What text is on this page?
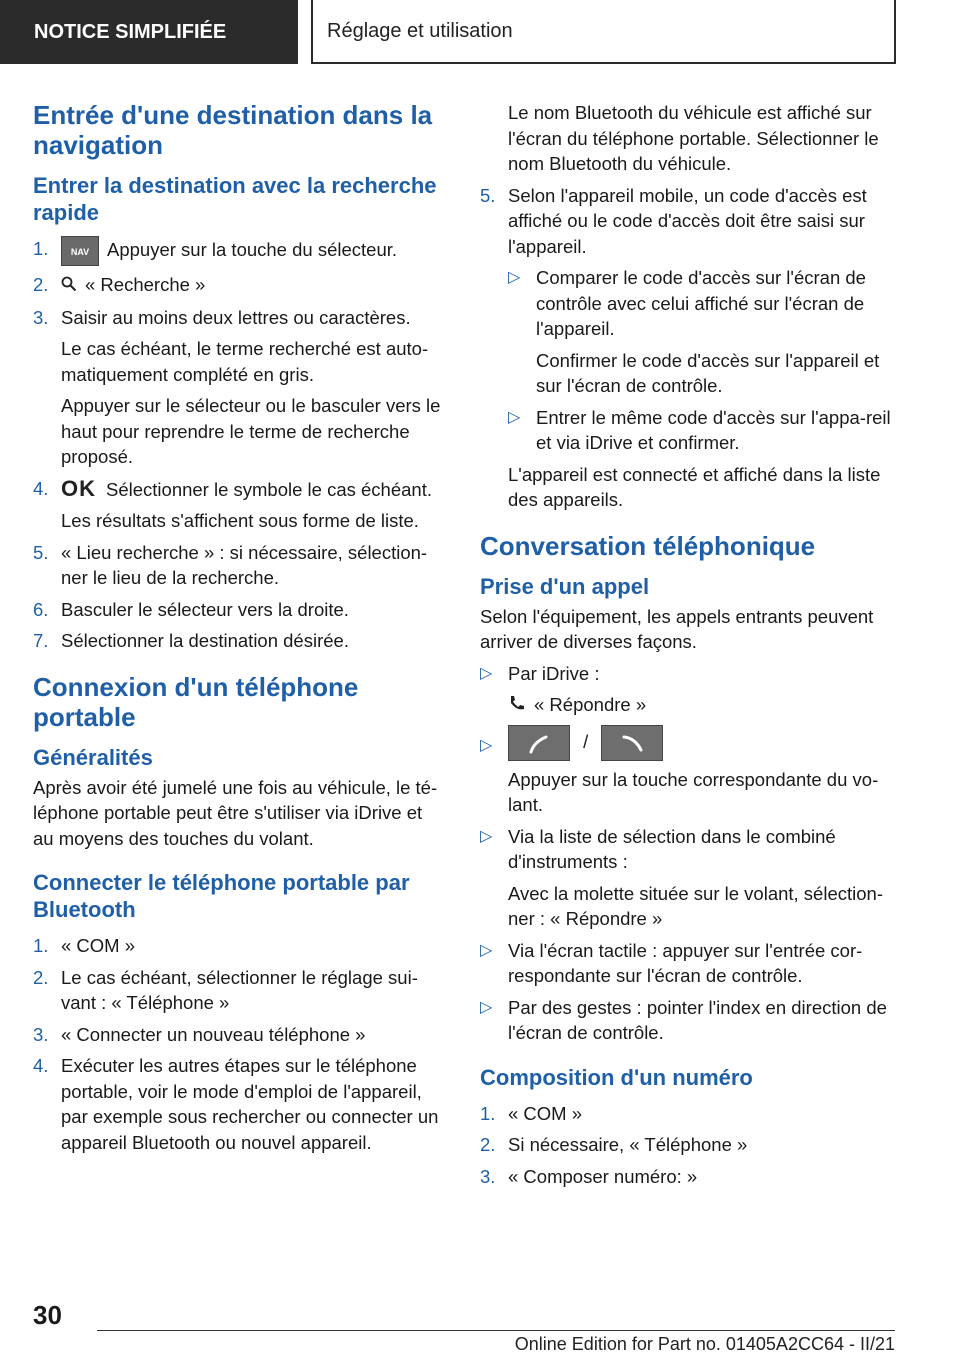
NOTICE SIMPLIFIÉE	Réglage et utilisation
Entrée d'une destination dans la navigation
Entrer la destination avec la recherche rapide
1.	NAV Appuyer sur la touche du sélecteur.
2.	« Recherche »
3. Saisir au moins deux lettres ou caractères.
Le cas échéant, le terme recherché est auto‐matiquement complété en gris.
Appuyer sur le sélecteur ou le basculer vers le haut pour reprendre le terme de recherche proposé.
4. OK Sélectionner le symbole le cas échéant.
Les résultats s'affichent sous forme de liste.
5. « Lieu recherche » : si nécessaire, sélection‐ner le lieu de la recherche.
6. Basculer le sélecteur vers la droite.
7. Sélectionner la destination désirée.
Connexion d'un téléphone portable
Généralités
Après avoir été jumelé une fois au véhicule, le té‐léphone portable peut être s'utiliser via iDrive et au moyens des touches du volant.
Connecter le téléphone portable par Bluetooth
1. « COM »
2. Le cas échéant, sélectionner le réglage sui‐vant : « Téléphone »
3. « Connecter un nouveau téléphone »
4. Exécuter les autres étapes sur le téléphone portable, voir le mode d'emploi de l'appareil, par exemple sous rechercher ou connecter un appareil Bluetooth ou nouvel appareil.
Le nom Bluetooth du véhicule est affiché sur l'écran du téléphone portable. Sélectionner le nom Bluetooth du véhicule.
5. Selon l'appareil mobile, un code d'accès est affiché ou le code d'accès doit être saisi sur l'appareil.
▷ Comparer le code d'accès sur l'écran de contrôle avec celui affiché sur l'écran de l'appareil.
Confirmer le code d'accès sur l'appareil et sur l'écran de contrôle.
▷ Entrer le même code d'accès sur l'appa‐reil et via iDrive et confirmer.
L'appareil est connecté et affiché dans la liste des appareils.
Conversation téléphonique
Prise d'un appel
Selon l'équipement, les appels entrants peuvent arriver de diverses façons.
▷ Par iDrive :
« Répondre »
▷	/
Appuyer sur la touche correspondante du vo‐lant.
▷ Via la liste de sélection dans le combiné d'instruments :
Avec la molette située sur le volant, sélection‐ner : « Répondre »
▷ Via l'écran tactile : appuyer sur l'entrée cor‐respondante sur l'écran de contrôle.
▷ Par des gestes : pointer l'index en direction de l'écran de contrôle.
Composition d'un numéro
1. « COM »
2. Si nécessaire, « Téléphone »
3. « Composer numéro: »
30
Online Edition for Part no. 01405A2CC64 - II/21
